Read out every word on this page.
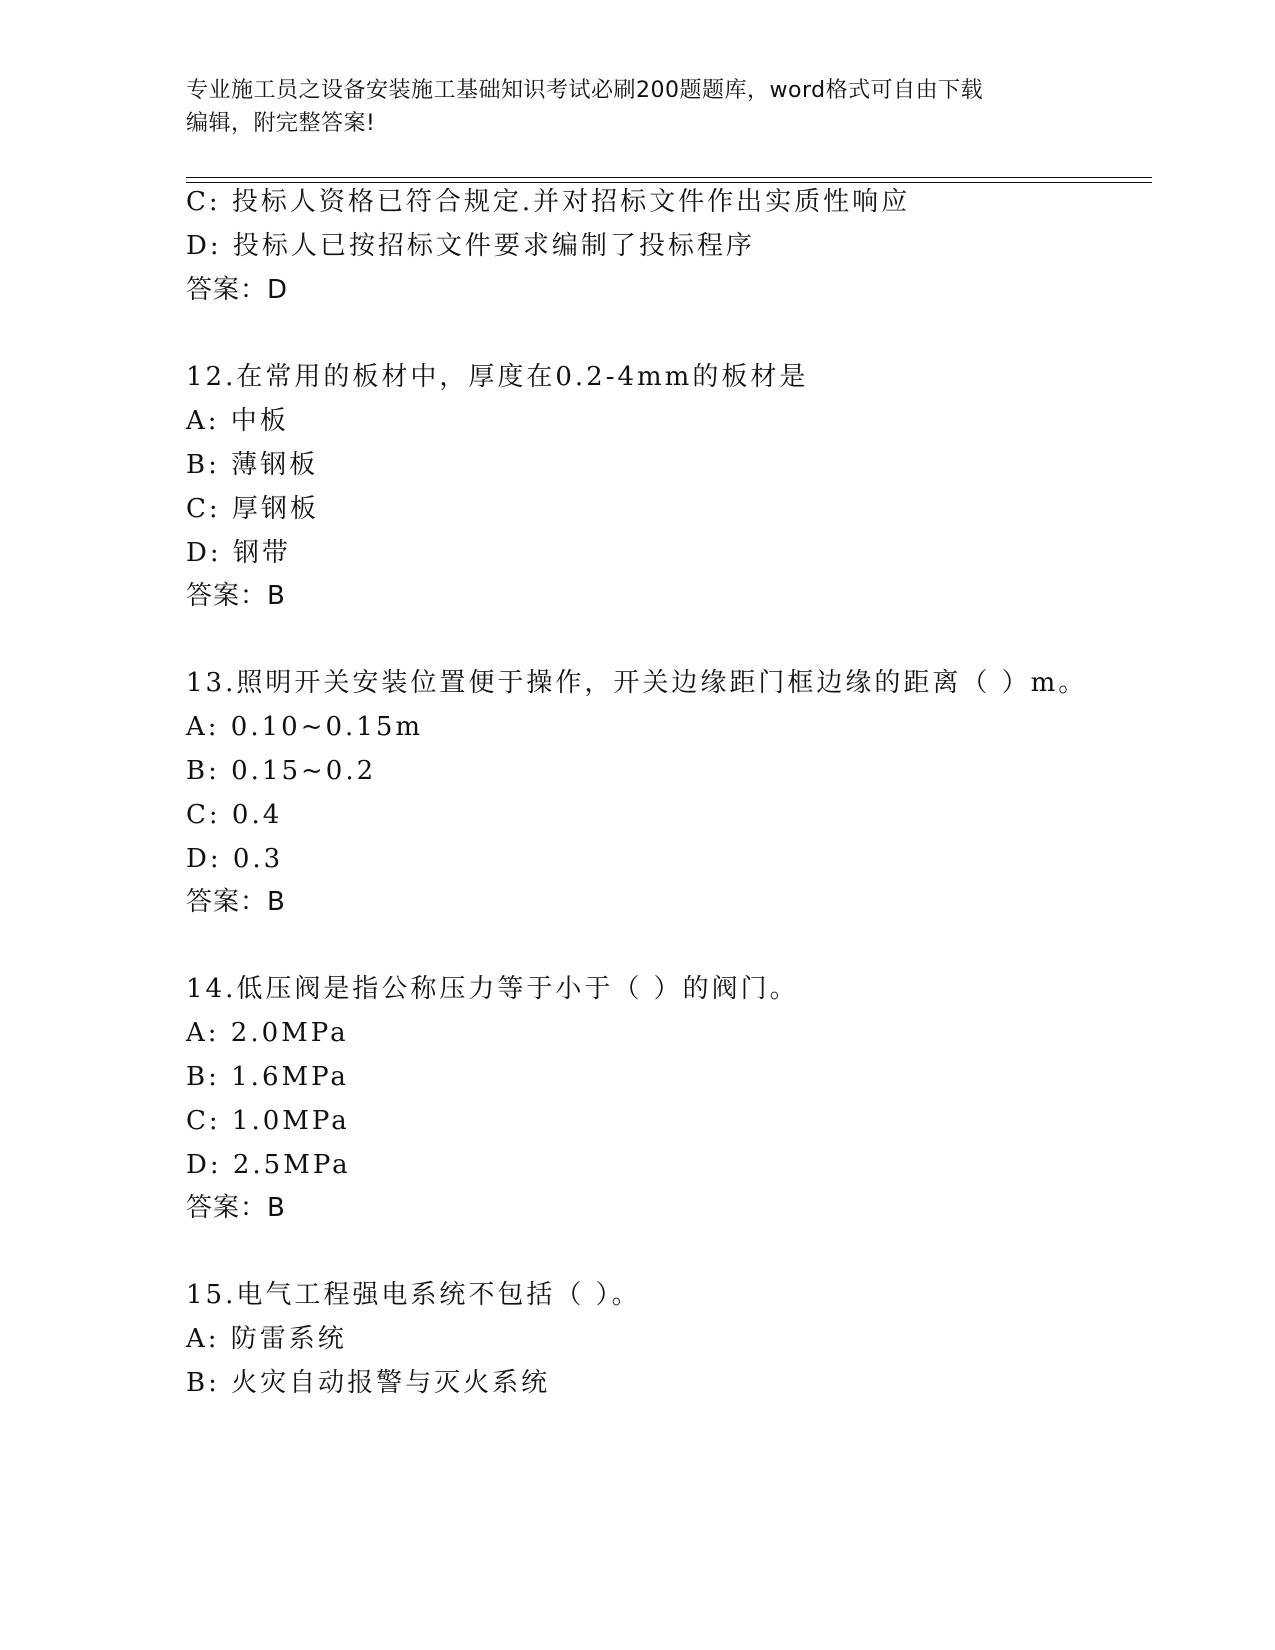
专业施工员之设备安装施工基础知识考试必刷200题题库，word格式可自由下载
编辑，附完整答案!
C: 投标人资格已符合规定.并对招标文件作出实质性响应
D: 投标人已按招标文件要求编制了投标程序
答案：D
12.在常用的板材中，厚度在0.2-4mm的板材是
A: 中板
B: 薄钢板
C: 厚钢板
D: 钢带
答案：B
13.照明开关安装位置便于操作，开关边缘距门框边缘的距离（ ）m。
A: 0.10~0.15m
B: 0.15~0.2
C: 0.4
D: 0.3
答案：B
14.低压阀是指公称压力等于小于（ ）的阀门。
A: 2.0MPa
B: 1.6MPa
C: 1.0MPa
D: 2.5MPa
答案：B
15.电气工程强电系统不包括（ ）。
A: 防雷系统
B: 火灾自动报警与灭火系统
